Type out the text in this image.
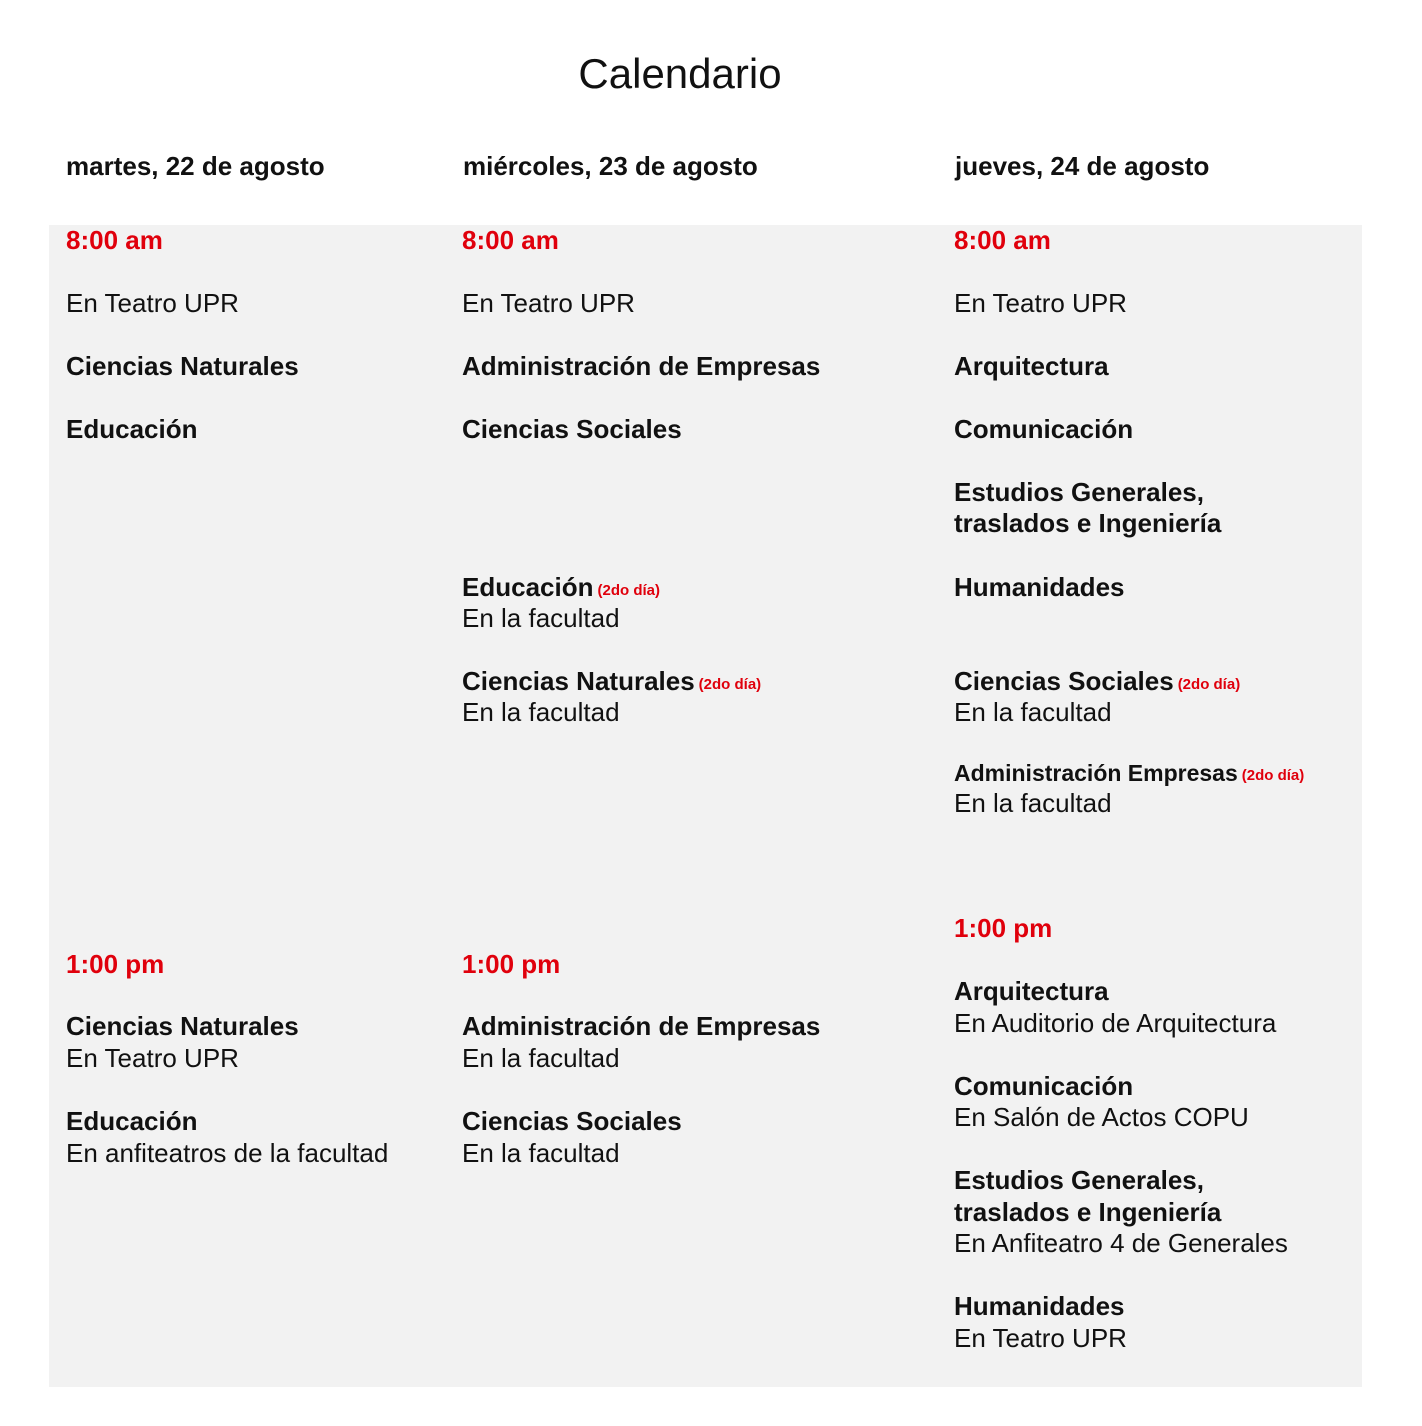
Calendario
martes, 22 de agosto	miércoles, 23 de agosto	jueves, 24 de agosto
8:00 am
En Teatro UPR
Ciencias Naturales
Educación
1:00 pm
Ciencias Naturales
En Teatro UPR
Educación
En anfiteatros de la facultad
8:00 am
En Teatro UPR
Administración de Empresas
Ciencias Sociales
Educación (2do día)
En la facultad
Ciencias Naturales (2do día)
En la facultad
1:00 pm
Administración de Empresas
En la facultad
Ciencias Sociales
En la facultad
8:00 am
En Teatro UPR
Arquitectura
Comunicación
Estudios Generales,
traslados e Ingeniería
Humanidades
Ciencias Sociales (2do día)
En la facultad
Administración Empresas (2do día)
En la facultad
1:00 pm
Arquitectura
En Auditorio de Arquitectura
Comunicación
En Salón de Actos COPU
Estudios Generales,
traslados e Ingeniería
En Anfiteatro 4 de Generales
Humanidades
En Teatro UPR
